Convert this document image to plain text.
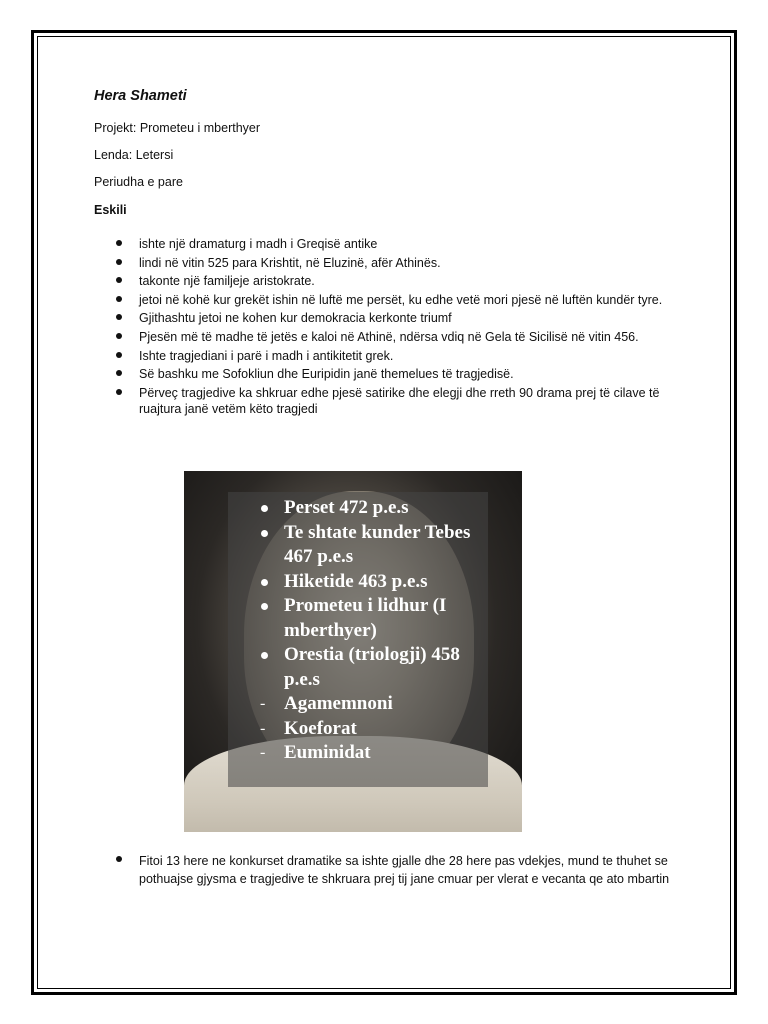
Hera Shameti
Projekt: Prometeu i mberthyer
Lenda: Letersi
Periudha e pare
Eskili
ishte një dramaturg i madh i Greqisë antike
lindi në vitin 525 para Krishtit, në Eluzinë, afër Athinës.
takonte një familjeje aristokrate.
jetoi në kohë kur grekët ishin në luftë me persët, ku edhe vetë mori pjesë në luftën kundër tyre.
Gjithashtu jetoi ne kohen kur demokracia kerkonte triumf
Pjesën më të madhe të jetës e kaloi në Athinë, ndërsa vdiq në Gela të Sicilisë në vitin 456.
Ishte tragjediani i parë i madh i antikitetit grek.
Së bashku me Sofokliun dhe Euripidin janë themelues të tragjedisë.
Përveç tragjedive ka shkruar edhe pjesë satirike dhe elegji dhe rreth 90 drama prej të cilave të ruajtura janë vetëm këto tragjedi
Perset 472 p.e.s
Te shtate kunder Tebes 467 p.e.s
Hiketide 463 p.e.s
Prometeu i lidhur (I mberthyer)
Orestia (triologji) 458 p.e.s
- Agamemnoni
- Koeforat
- Euminidat
Fitoi 13 here ne konkurset dramatike sa ishte gjalle dhe 28 here pas vdekjes, mund te thuhet se pothuajse gjysma e tragjedive te shkruara prej tij jane cmuar per vlerat e vecanta qe ato mbartin
